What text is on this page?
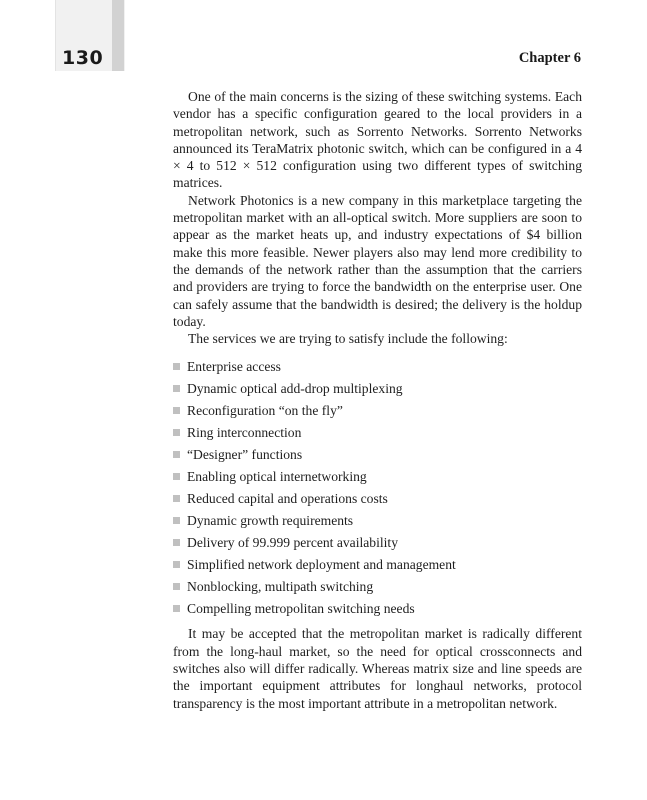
130	Chapter 6

One of the main concerns is the sizing of these switching systems. Each vendor has a specific configuration geared to the local providers in a metropolitan network, such as Sorrento Networks. Sorrento Networks announced its TeraMatrix photonic switch, which can be configured in a 4 × 4 to 512 × 512 configuration using two different types of switching matrices.

Network Photonics is a new company in this marketplace targeting the metropolitan market with an all-optical switch. More suppliers are soon to appear as the market heats up, and industry expectations of $4 billion make this more feasible. Newer players also may lend more credibility to the demands of the network rather than the assumption that the carriers and providers are trying to force the bandwidth on the enterprise user. One can safely assume that the bandwidth is desired; the delivery is the holdup today.

The services we are trying to satisfy include the following:

Enterprise access
Dynamic optical add-drop multiplexing
Reconfiguration “on the fly”
Ring interconnection
“Designer” functions
Enabling optical internetworking
Reduced capital and operations costs
Dynamic growth requirements
Delivery of 99.999 percent availability
Simplified network deployment and management
Nonblocking, multipath switching
Compelling metropolitan switching needs

It may be accepted that the metropolitan market is radically different from the long-haul market, so the need for optical crossconnects and switches also will differ radically. Whereas matrix size and line speeds are the important equipment attributes for longhaul networks, protocol transparency is the most important attribute in a metropolitan network.
